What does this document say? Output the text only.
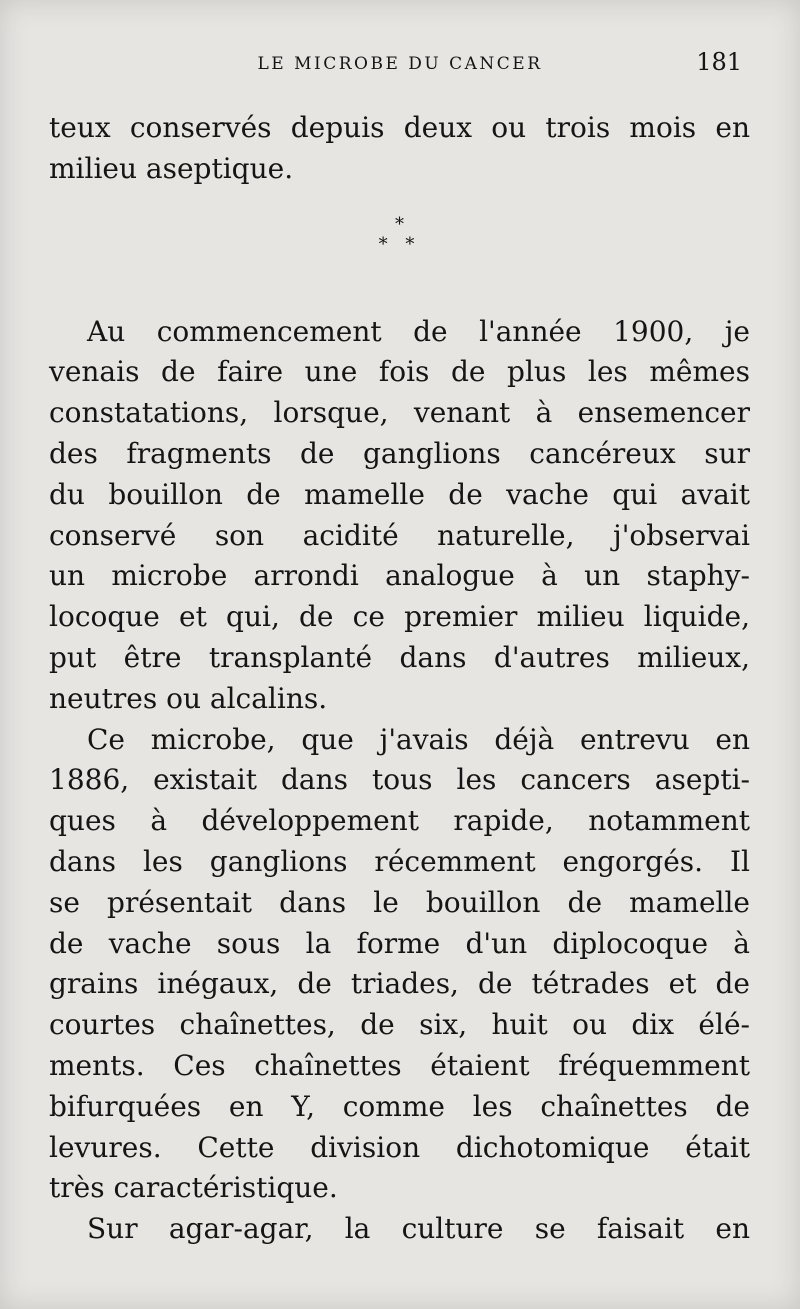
LE MICROBE DU CANCER	181
teux conservés depuis deux ou trois mois en
milieu aseptique.
*
* *
Au commencement de l'année 1900, je
venais de faire une fois de plus les mêmes
constatations, lorsque, venant à ensemencer
des fragments de ganglions cancéreux sur
du bouillon de mamelle de vache qui avait
conservé son acidité naturelle, j'observai
un microbe arrondi analogue à un staphy-
locoque et qui, de ce premier milieu liquide,
put être transplanté dans d'autres milieux,
neutres ou alcalins.
Ce microbe, que j'avais déjà entrevu en
1886, existait dans tous les cancers asepti-
ques à développement rapide, notamment
dans les ganglions récemment engorgés. Il
se présentait dans le bouillon de mamelle
de vache sous la forme d'un diplocoque à
grains inégaux, de triades, de tétrades et de
courtes chaînettes, de six, huit ou dix élé-
ments. Ces chaînettes étaient fréquemment
bifurquées en Y, comme les chaînettes de
levures. Cette division dichotomique était
très caractéristique.
Sur agar-agar, la culture se faisait en
